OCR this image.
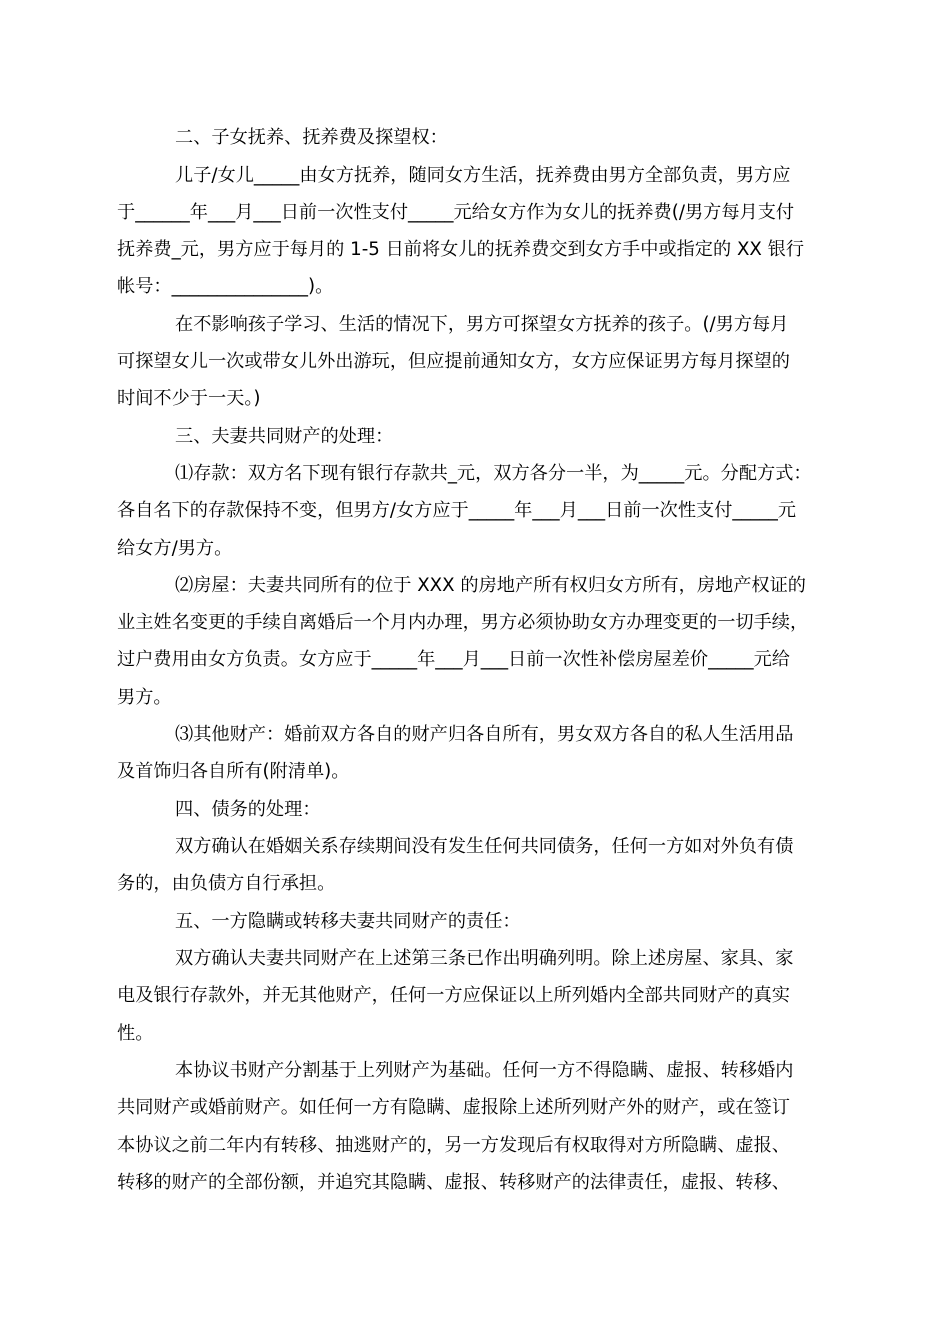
二、子女抚养、抚养费及探望权：
儿子/女儿_____由女方抚养，随同女方生活，抚养费由男方全部负责，男方应
于______年___月___日前一次性支付_____元给女方作为女儿的抚养费(/男方每月支付
抚养费_元，男方应于每月的 1-5 日前将女儿的抚养费交到女方手中或指定的 XX 银行
帐号：_______________)。
在不影响孩子学习、生活的情况下，男方可探望女方抚养的孩子。(/男方每月
可探望女儿一次或带女儿外出游玩，但应提前通知女方，女方应保证男方每月探望的
时间不少于一天。)
三、夫妻共同财产的处理：
⑴存款：双方名下现有银行存款共_元，双方各分一半，为_____元。分配方式：
各自名下的存款保持不变，但男方/女方应于_____年___月___日前一次性支付_____元
给女方/男方。
⑵房屋：夫妻共同所有的位于 XXX 的房地产所有权归女方所有，房地产权证的
业主姓名变更的手续自离婚后一个月内办理，男方必须协助女方办理变更的一切手续，
过户费用由女方负责。女方应于_____年___月___日前一次性补偿房屋差价_____元给
男方。
⑶其他财产：婚前双方各自的财产归各自所有，男女双方各自的私人生活用品
及首饰归各自所有(附清单)。
四、债务的处理：
双方确认在婚姻关系存续期间没有发生任何共同债务，任何一方如对外负有债
务的，由负债方自行承担。
五、一方隐瞒或转移夫妻共同财产的责任：
双方确认夫妻共同财产在上述第三条已作出明确列明。除上述房屋、家具、家
电及银行存款外，并无其他财产，任何一方应保证以上所列婚内全部共同财产的真实
性。
本协议书财产分割基于上列财产为基础。任何一方不得隐瞒、虚报、转移婚内
共同财产或婚前财产。如任何一方有隐瞒、虚报除上述所列财产外的财产，或在签订
本协议之前二年内有转移、抽逃财产的，另一方发现后有权取得对方所隐瞒、虚报、
转移的财产的全部份额，并追究其隐瞒、虚报、转移财产的法律责任，虚报、转移、
